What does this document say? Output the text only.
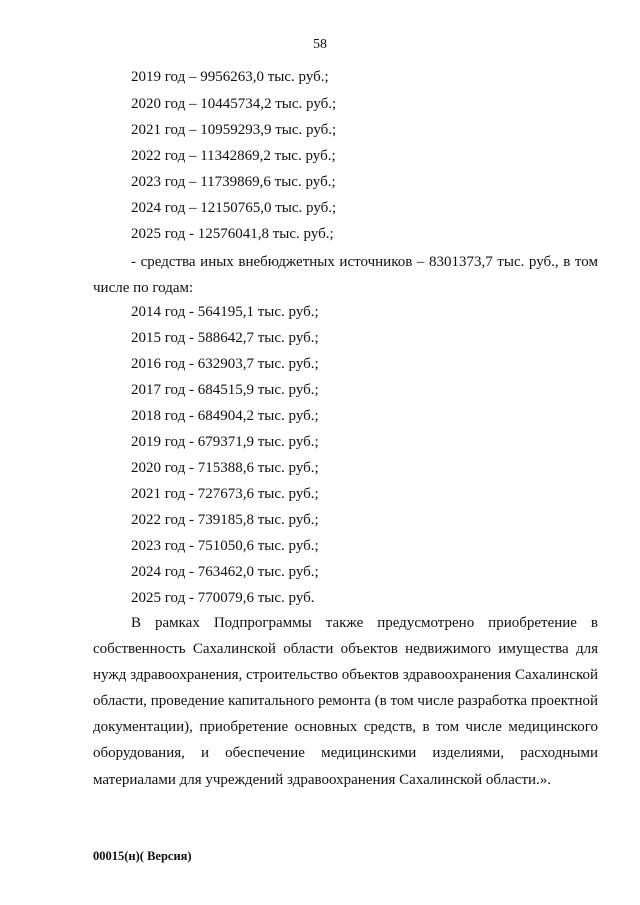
58
2019 год – 9956263,0 тыс. руб.;
2020 год – 10445734,2 тыс. руб.;
2021 год – 10959293,9 тыс. руб.;
2022 год – 11342869,2 тыс. руб.;
2023 год – 11739869,6 тыс. руб.;
2024 год – 12150765,0 тыс. руб.;
2025 год - 12576041,8 тыс. руб.;
- средства иных внебюджетных источников – 8301373,7 тыс. руб., в том числе по годам:
2014 год - 564195,1 тыс. руб.;
2015 год - 588642,7 тыс. руб.;
2016 год - 632903,7 тыс. руб.;
2017 год - 684515,9 тыс. руб.;
2018 год - 684904,2 тыс. руб.;
2019 год - 679371,9 тыс. руб.;
2020 год - 715388,6 тыс. руб.;
2021 год - 727673,6 тыс. руб.;
2022 год - 739185,8 тыс. руб.;
2023 год - 751050,6 тыс. руб.;
2024 год - 763462,0 тыс. руб.;
2025 год - 770079,6 тыс. руб.
В рамках Подпрограммы также предусмотрено приобретение в собственность Сахалинской области объектов недвижимого имущества для нужд здравоохранения, строительство объектов здравоохранения Сахалинской области, проведение капитального ремонта (в том числе разработка проектной документации), приобретение основных средств, в том числе медицинского оборудования, и обеспечение медицинскими изделиями, расходными материалами для учреждений здравоохранения Сахалинской области.».
00015(н)( Версия)
